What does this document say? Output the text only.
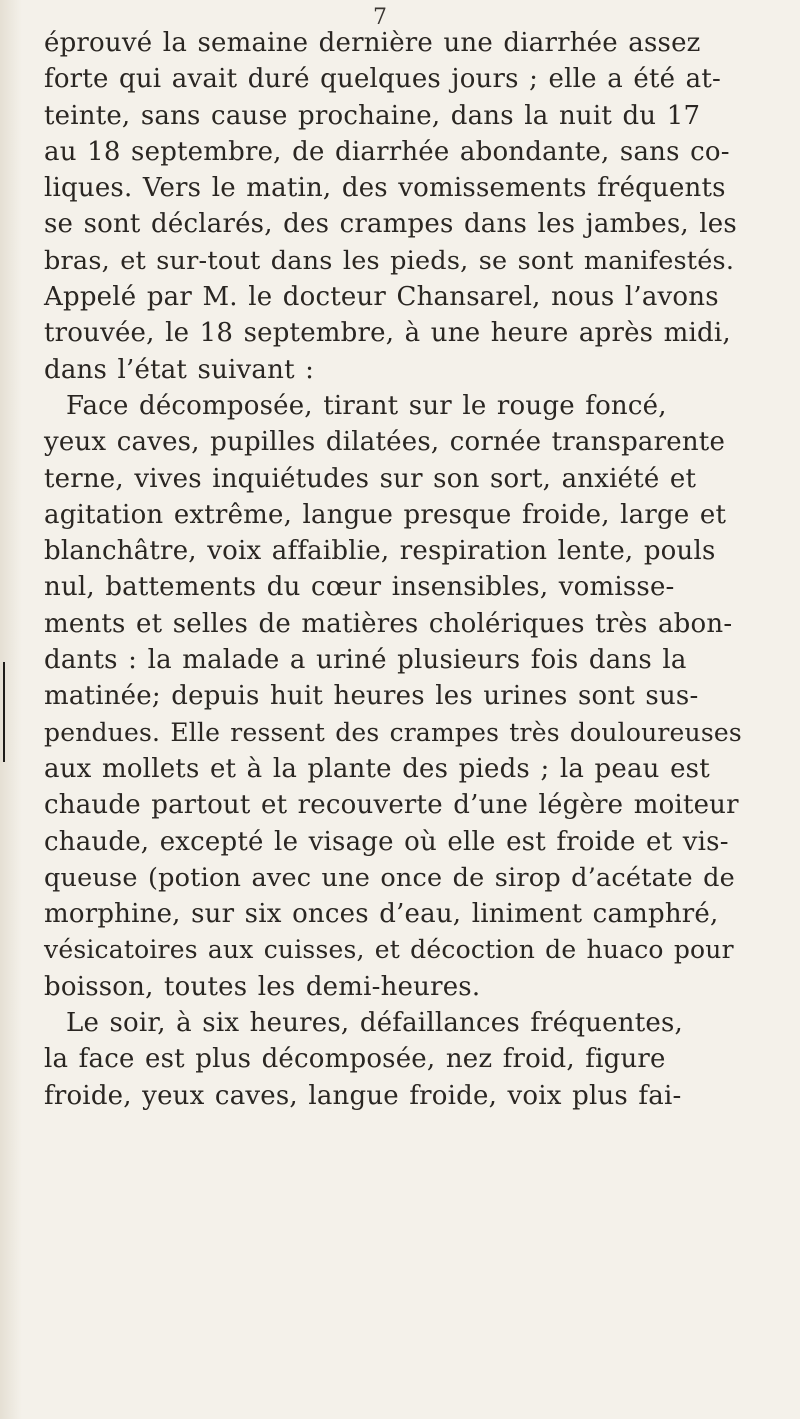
7
éprouvé la semaine dernière une diarrhée assez
forte qui avait duré quelques jours ; elle a été at-
teinte, sans cause prochaine, dans la nuit du 17
au 18 septembre, de diarrhée abondante, sans co-
liques. Vers le matin, des vomissements fréquents
se sont déclarés, des crampes dans les jambes, les
bras, et sur-tout dans les pieds, se sont manifestés.
Appelé par M. le docteur Chansarel, nous l’avons
trouvée, le 18 septembre, à une heure après midi,
dans l’état suivant :
Face décomposée, tirant sur le rouge foncé,
yeux caves, pupilles dilatées, cornée transparente
terne, vives inquiétudes sur son sort, anxiété et
agitation extrême, langue presque froide, large et
blanchâtre, voix affaiblie, respiration lente, pouls
nul, battements du cœur insensibles, vomisse-
ments et selles de matières cholériques très abon-
dants : la malade a uriné plusieurs fois dans la
matinée; depuis huit heures les urines sont sus-
pendues. Elle ressent des crampes très douloureuses
aux mollets et à la plante des pieds ; la peau est
chaude partout et recouverte d’une légère moiteur
chaude, excepté le visage où elle est froide et vis-
queuse (potion avec une once de sirop d’acétate de
morphine, sur six onces d’eau, liniment camphré,
vésicatoires aux cuisses, et décoction de huaco pour
boisson, toutes les demi-heures.
Le soir, à six heures, défaillances fréquentes,
la face est plus décomposée, nez froid, figure
froide, yeux caves, langue froide, voix plus fai-
